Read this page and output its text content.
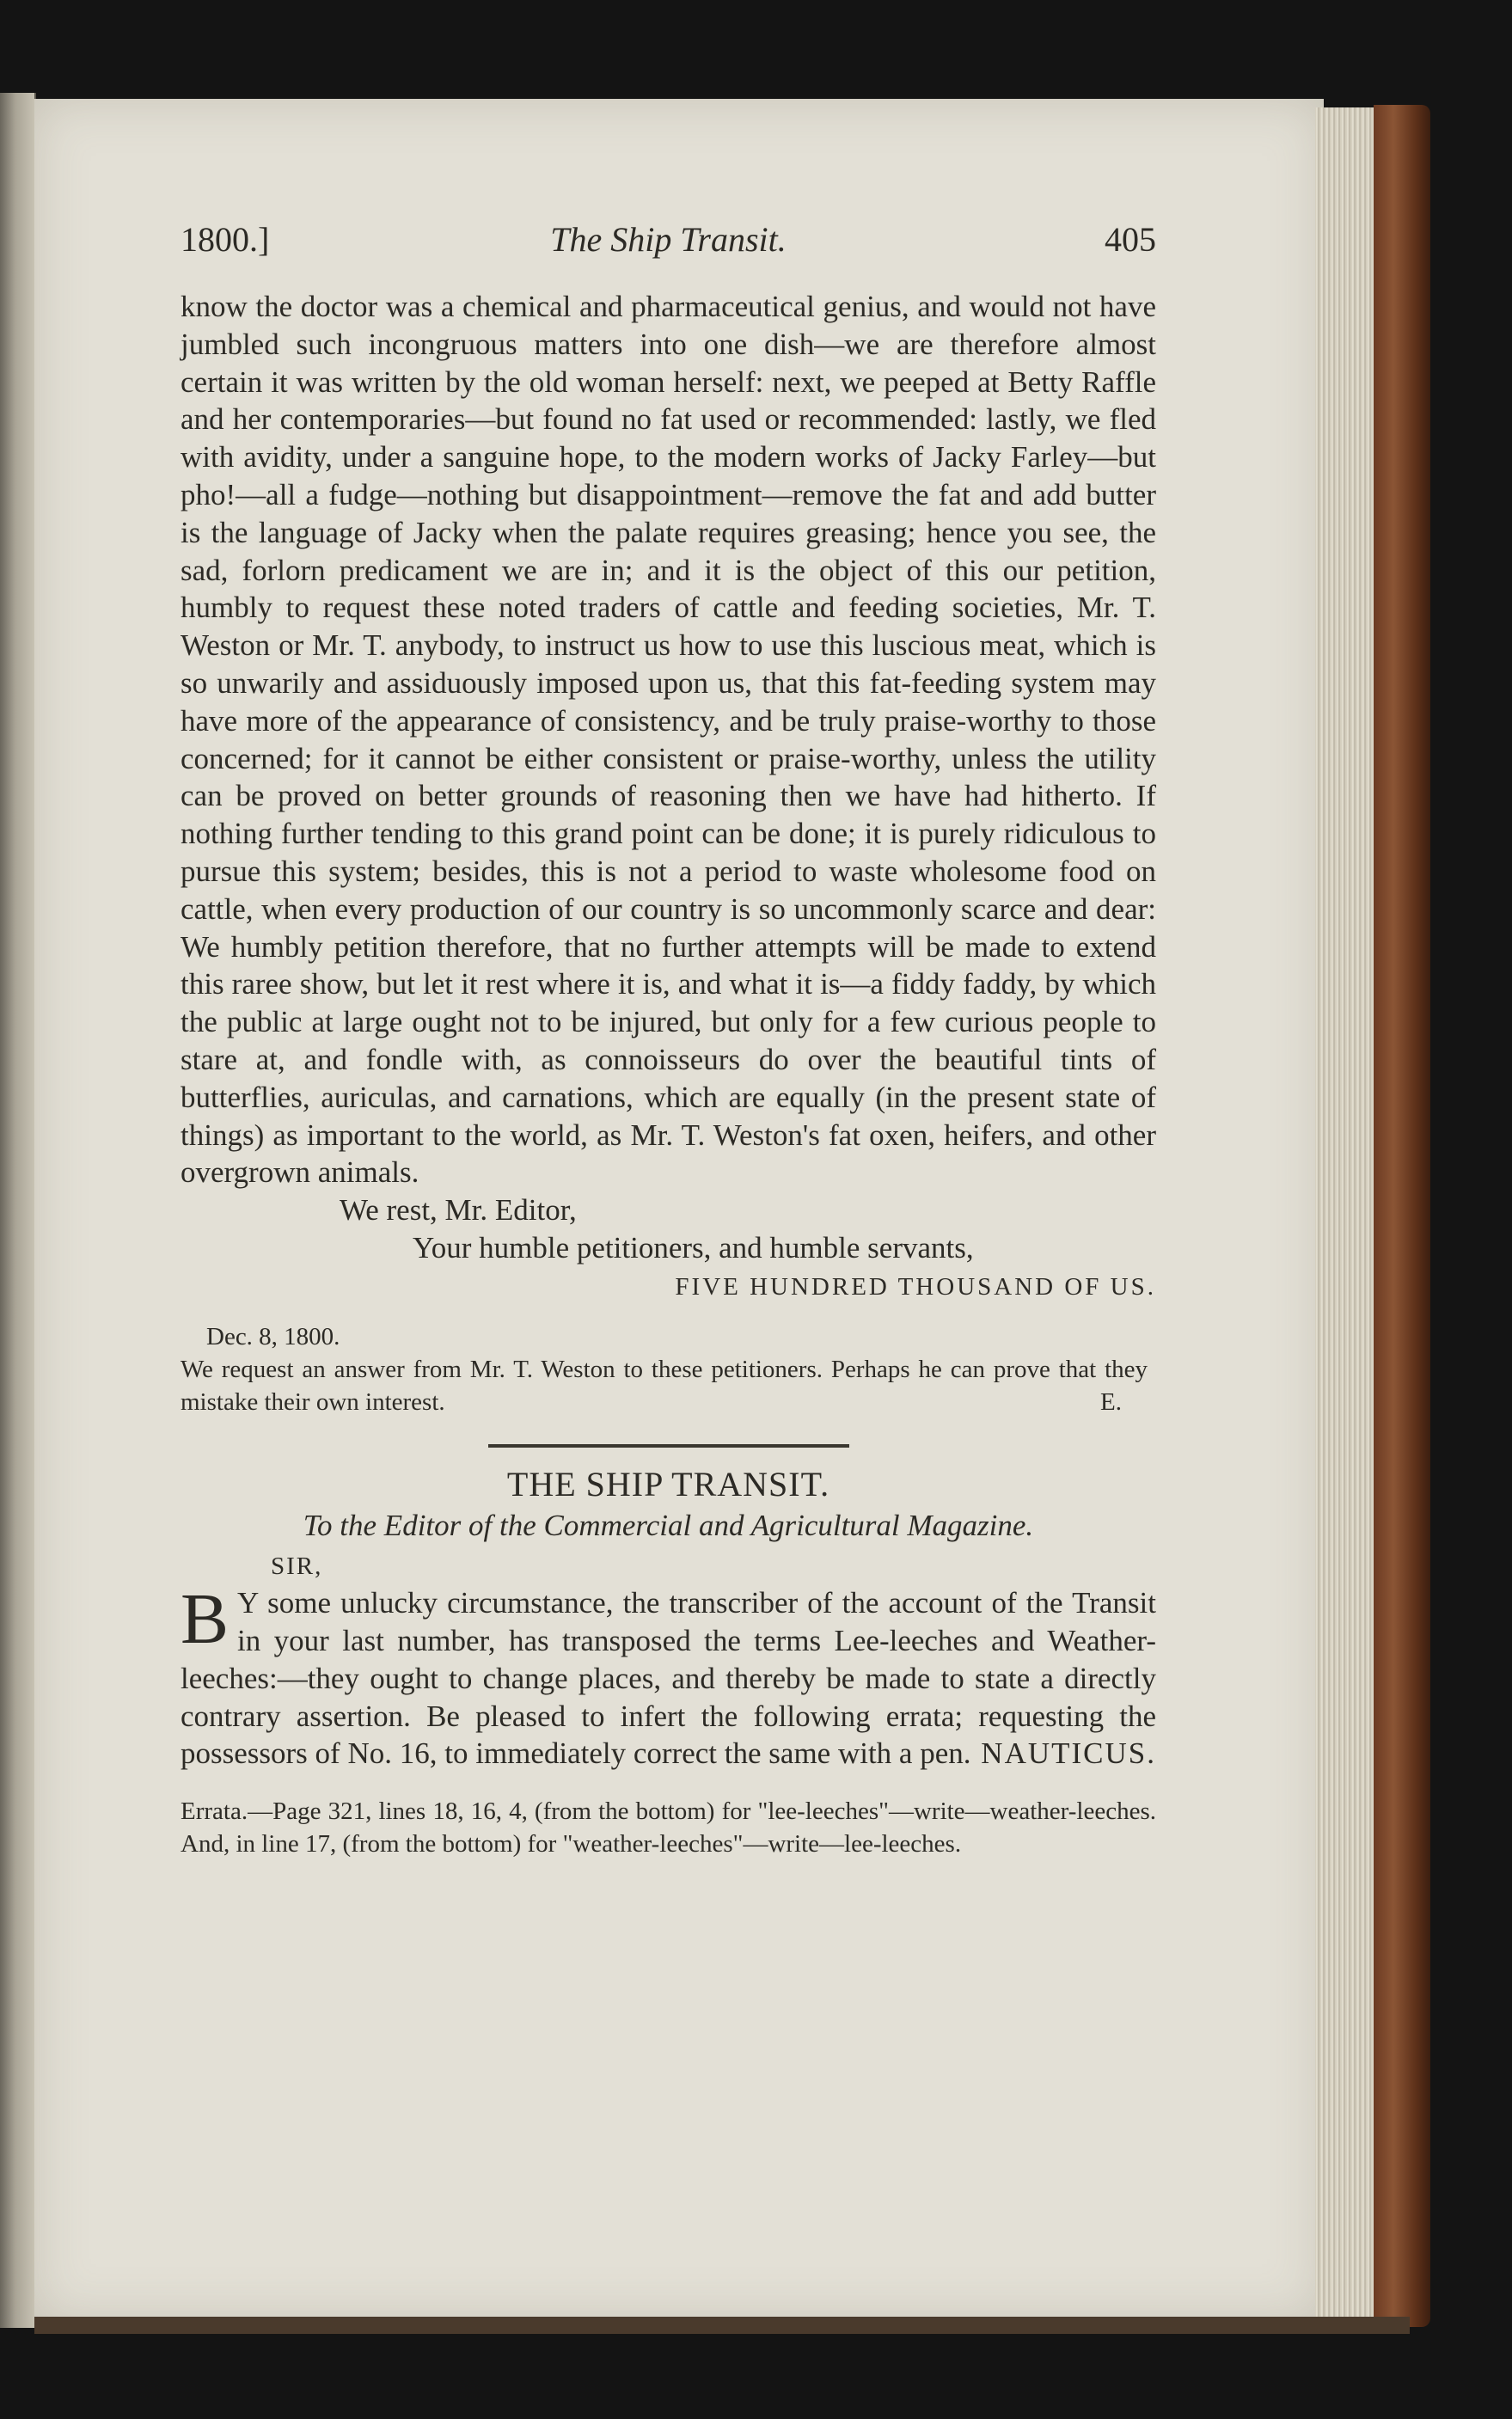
1800.]	The Ship Transit.	405
know the doctor was a chemical and pharmaceutical genius, and would not have jumbled such incongruous matters into one dish—we are therefore almost certain it was written by the old woman herself: next, we peeped at Betty Raffle and her contemporaries—but found no fat used or recommended: lastly, we fled with avidity, under a sanguine hope, to the modern works of Jacky Farley—but pho!—all a fudge—nothing but disappointment—remove the fat and add butter is the language of Jacky when the palate requires greasing; hence you see, the sad, forlorn predicament we are in; and it is the object of this our petition, humbly to request these noted traders of cattle and feeding societies, Mr. T. Weston or Mr. T. anybody, to instruct us how to use this luscious meat, which is so unwarily and assiduously imposed upon us, that this fat-feeding system may have more of the appearance of consistency, and be truly praise-worthy to those concerned; for it cannot be either consistent or praise-worthy, unless the utility can be proved on better grounds of reasoning then we have had hitherto. If nothing further tending to this grand point can be done; it is purely ridiculous to pursue this system; besides, this is not a period to waste wholesome food on cattle, when every production of our country is so uncommonly scarce and dear: We humbly petition therefore, that no further attempts will be made to extend this raree show, but let it rest where it is, and what it is—a fiddy faddy, by which the public at large ought not to be injured, but only for a few curious people to stare at, and fondle with, as connoisseurs do over the beautiful tints of butterflies, auriculas, and carnations, which are equally (in the present state of things) as important to the world, as Mr. T. Weston's fat oxen, heifers, and other overgrown animals.
We rest, Mr. Editor,
Your humble petitioners, and humble servants,
FIVE HUNDRED THOUSAND OF US.
Dec. 8, 1800.
We request an answer from Mr. T. Weston to these petitioners. Perhaps he can prove that they mistake their own interest.	E.
THE SHIP TRANSIT.
To the Editor of the Commercial and Agricultural Magazine.
SIR,
B Y some unlucky circumstance, the transcriber of the account of the Transit in your last number, has transposed the terms Lee-leeches and Weather-leeches:—they ought to change places, and thereby be made to state a directly contrary assertion. Be pleased to infert the following errata; requesting the possessors of No. 16, to immediately correct the same with a pen. NAUTICUS.
Errata.—Page 321, lines 18, 16, 4, (from the bottom) for "lee-leeches"—write—weather-leeches. And, in line 17, (from the bottom) for "weather-leeches"—write—lee-leeches.
